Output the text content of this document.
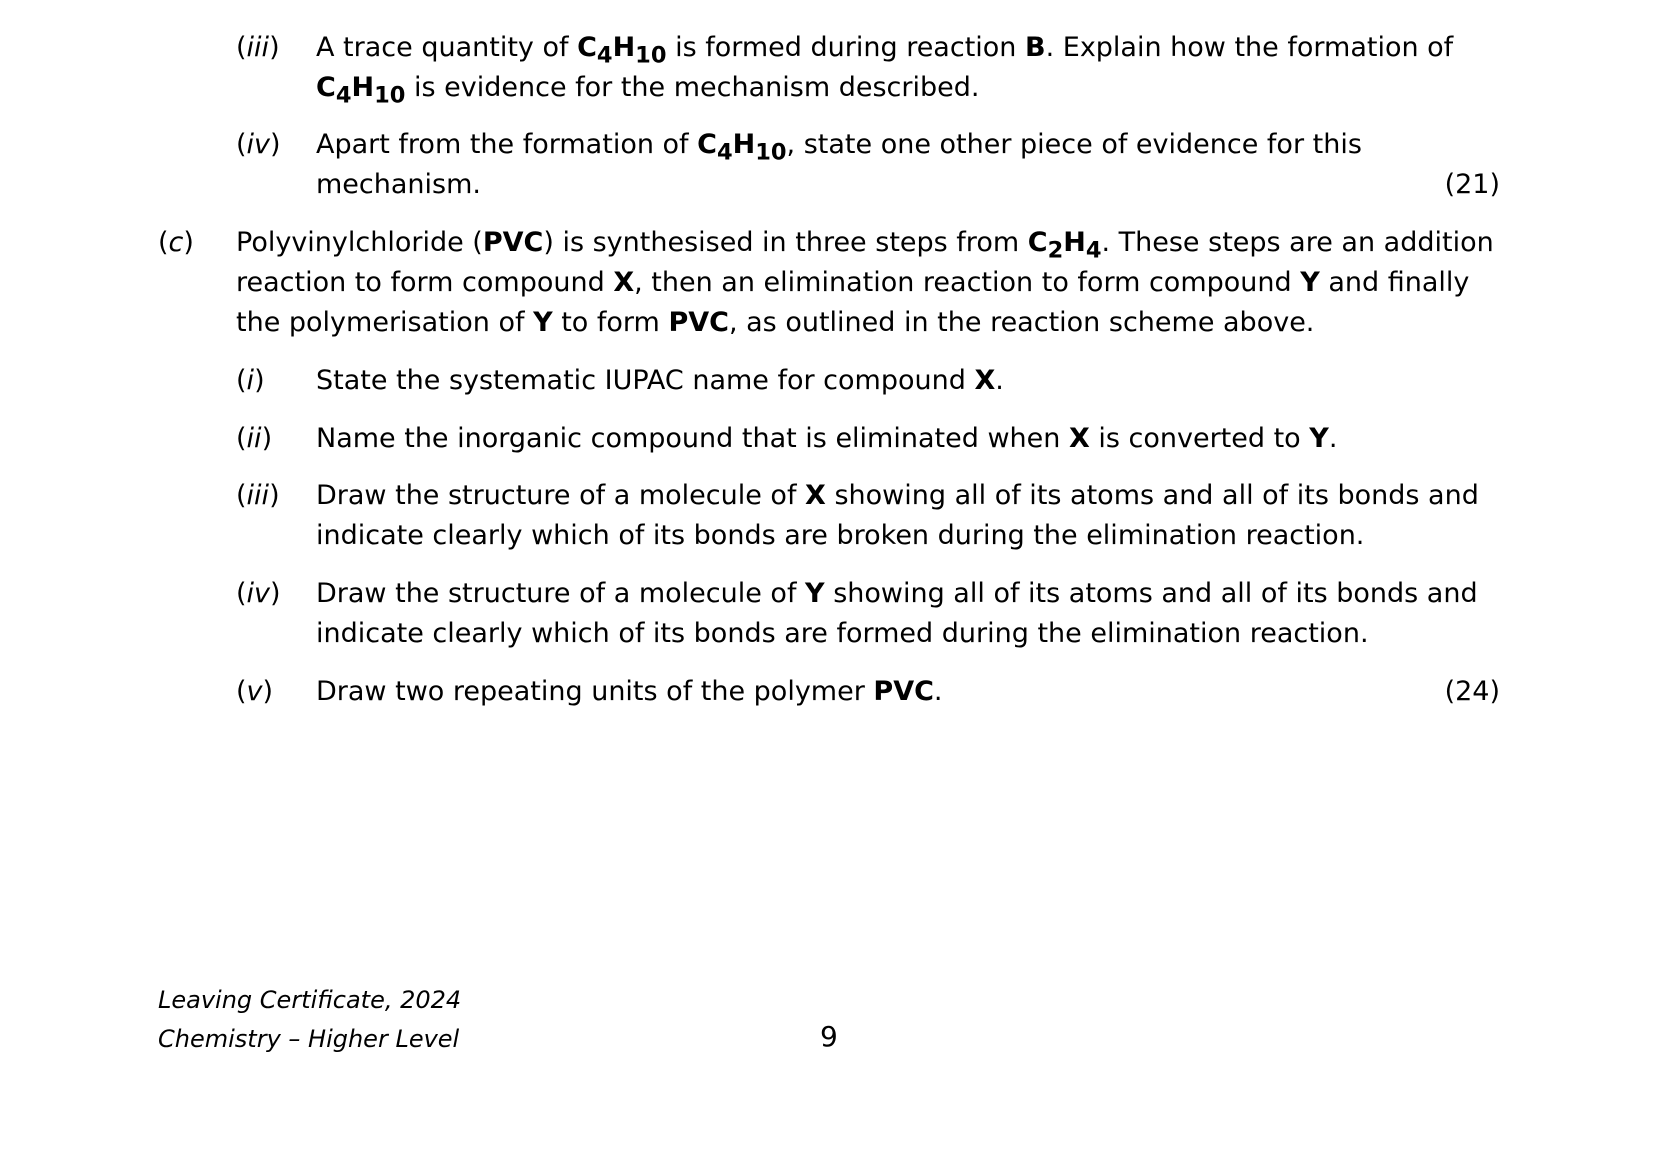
(iii) A trace quantity of $C_4H_{10}$ is formed during reaction B. Explain how the formation of
$C_4H_{10}$ is evidence for the mechanism described.
(iv) Apart from the formation of $C_4H_{10}$, state one other piece of evidence for this
mechanism.	(21)
(c) Polyvinylchloride (PVC) is synthesised in three steps from $C_2H_4$. These steps are an addition
reaction to form compound X, then an elimination reaction to form compound Y and finally
the polymerisation of Y to form PVC, as outlined in the reaction scheme above.
(i) State the systematic IUPAC name for compound X.
(ii) Name the inorganic compound that is eliminated when X is converted to Y.
(iii) Draw the structure of a molecule of X showing all of its atoms and all of its bonds and
indicate clearly which of its bonds are broken during the elimination reaction.
(iv) Draw the structure of a molecule of Y showing all of its atoms and all of its bonds and
indicate clearly which of its bonds are formed during the elimination reaction.
(v) Draw two repeating units of the polymer PVC.	(24)
Leaving Certificate, 2024
Chemistry – Higher Level	9
